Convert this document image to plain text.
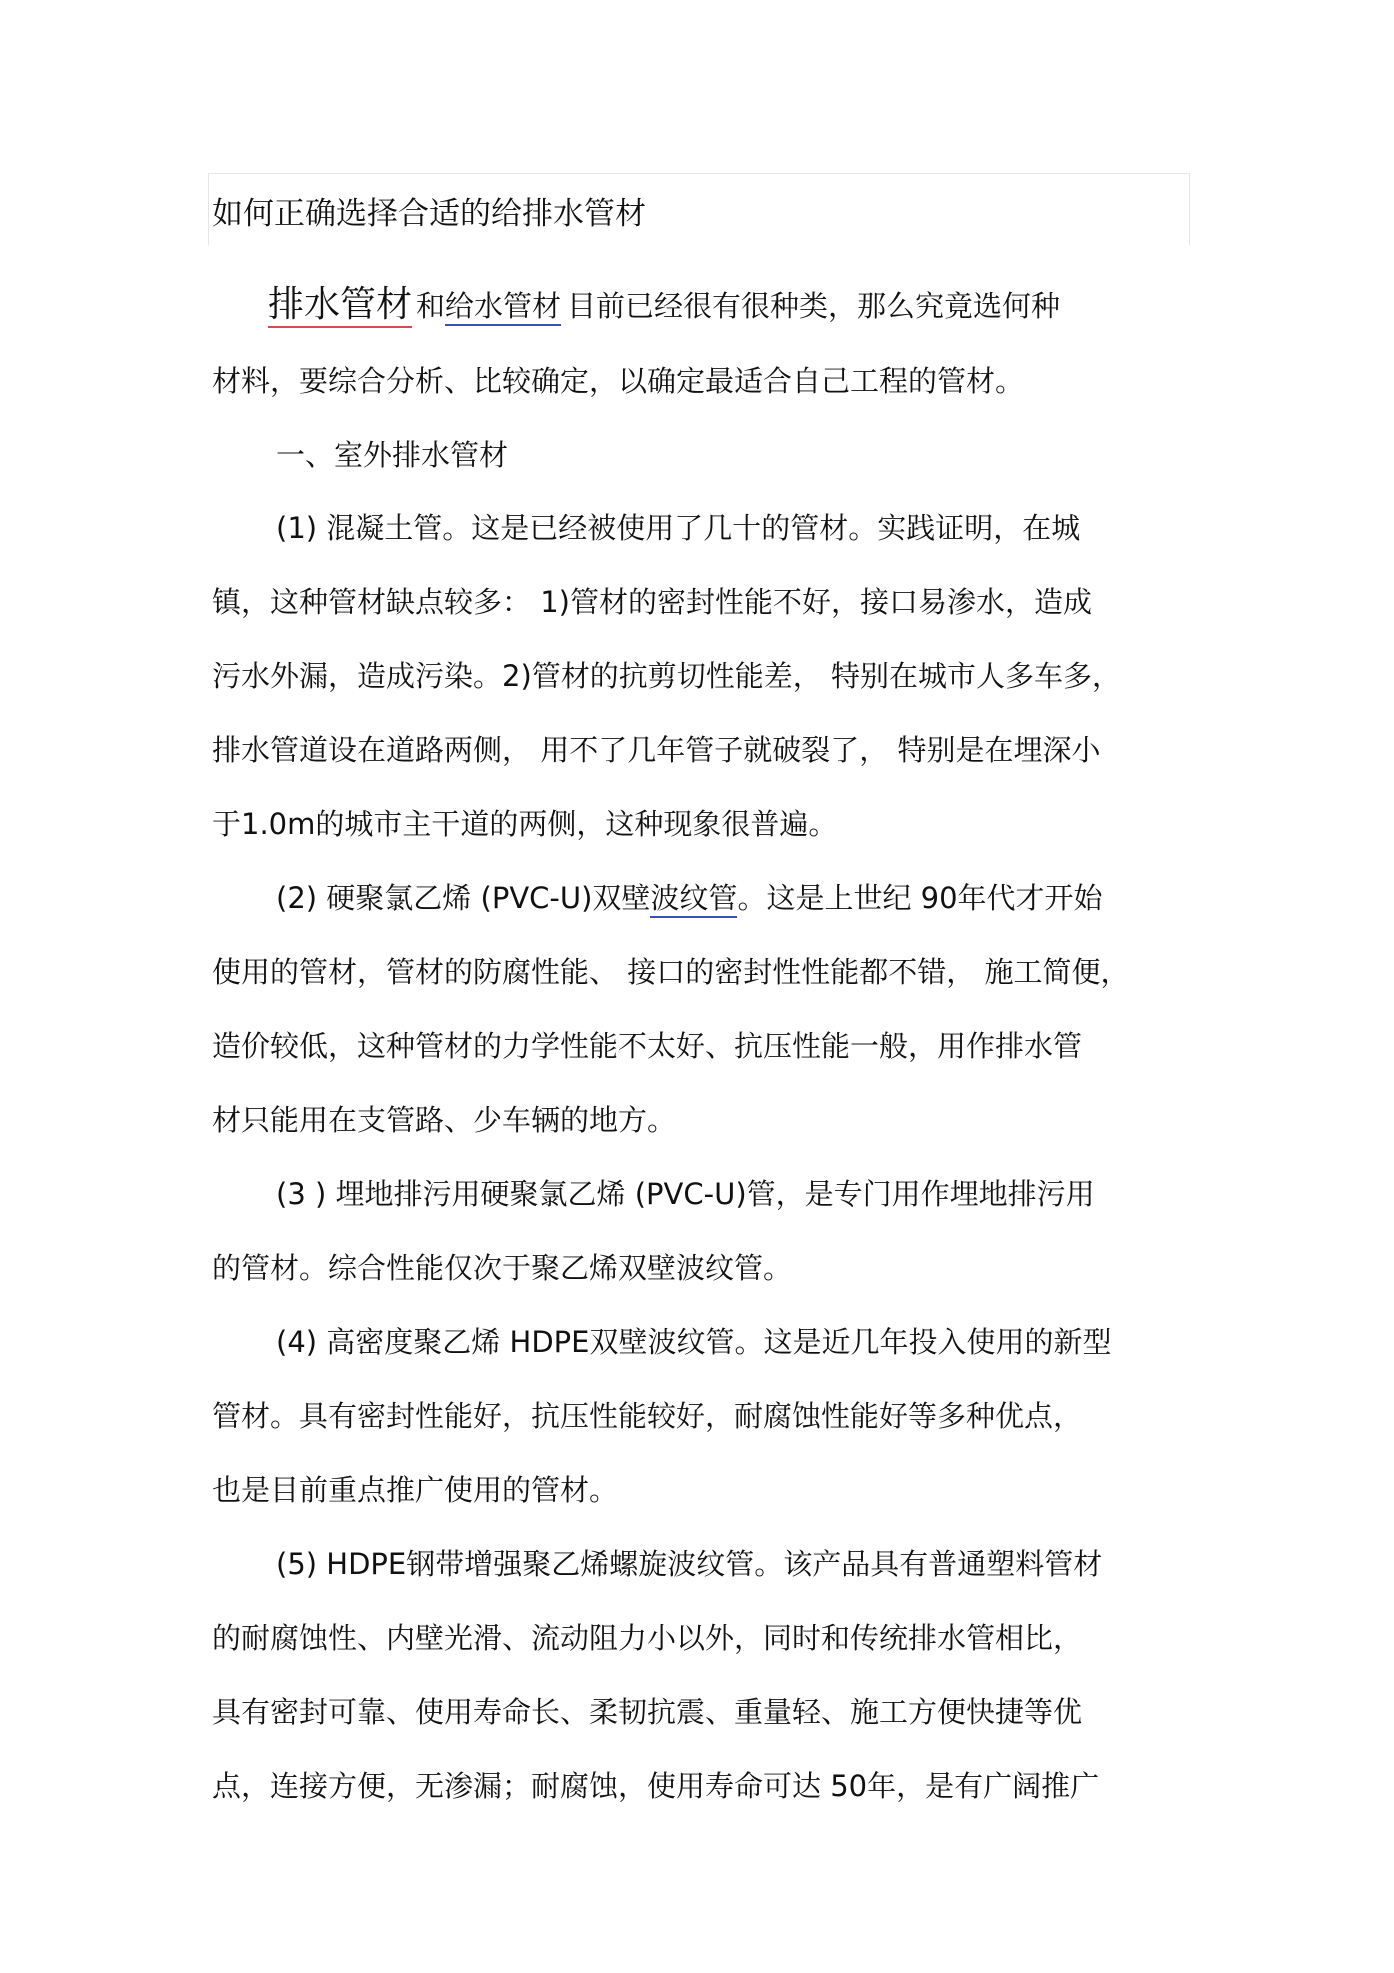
如何正确选择合适的给排水管材
排水管材 和给水管材 目前已经很有很种类，那么究竟选何种
材料，要综合分析、比较确定，以确定最适合自己工程的管材。
一、室外排水管材
(1) 混凝土管。这是已经被使用了几十的管材。实践证明，在城
镇，这种管材缺点较多： 1)管材的密封性能不好，接口易渗水，造成
污水外漏，造成污染。2)管材的抗剪切性能差， 特别在城市人多车多，
排水管道设在道路两侧， 用不了几年管子就破裂了， 特别是在埋深小
于1.0m的城市主干道的两侧，这种现象很普遍。
(2) 硬聚氯乙烯 (PVC-U)双壁波纹管。这是上世纪 90年代才开始
使用的管材，管材的防腐性能、 接口的密封性性能都不错， 施工简便，
造价较低，这种管材的力学性能不太好、抗压性能一般，用作排水管
材只能用在支管路、少车辆的地方。
(3 ) 埋地排污用硬聚氯乙烯 (PVC-U)管，是专门用作埋地排污用
的管材。综合性能仅次于聚乙烯双壁波纹管。
(4) 高密度聚乙烯 HDPE双壁波纹管。这是近几年投入使用的新型
管材。具有密封性能好，抗压性能较好，耐腐蚀性能好等多种优点，
也是目前重点推广使用的管材。
(5) HDPE钢带增强聚乙烯螺旋波纹管。该产品具有普通塑料管材
的耐腐蚀性、内壁光滑、流动阻力小以外，同时和传统排水管相比，
具有密封可靠、使用寿命长、柔韧抗震、重量轻、施工方便快捷等优
点，连接方便，无渗漏；耐腐蚀，使用寿命可达 50年，是有广阔推广
